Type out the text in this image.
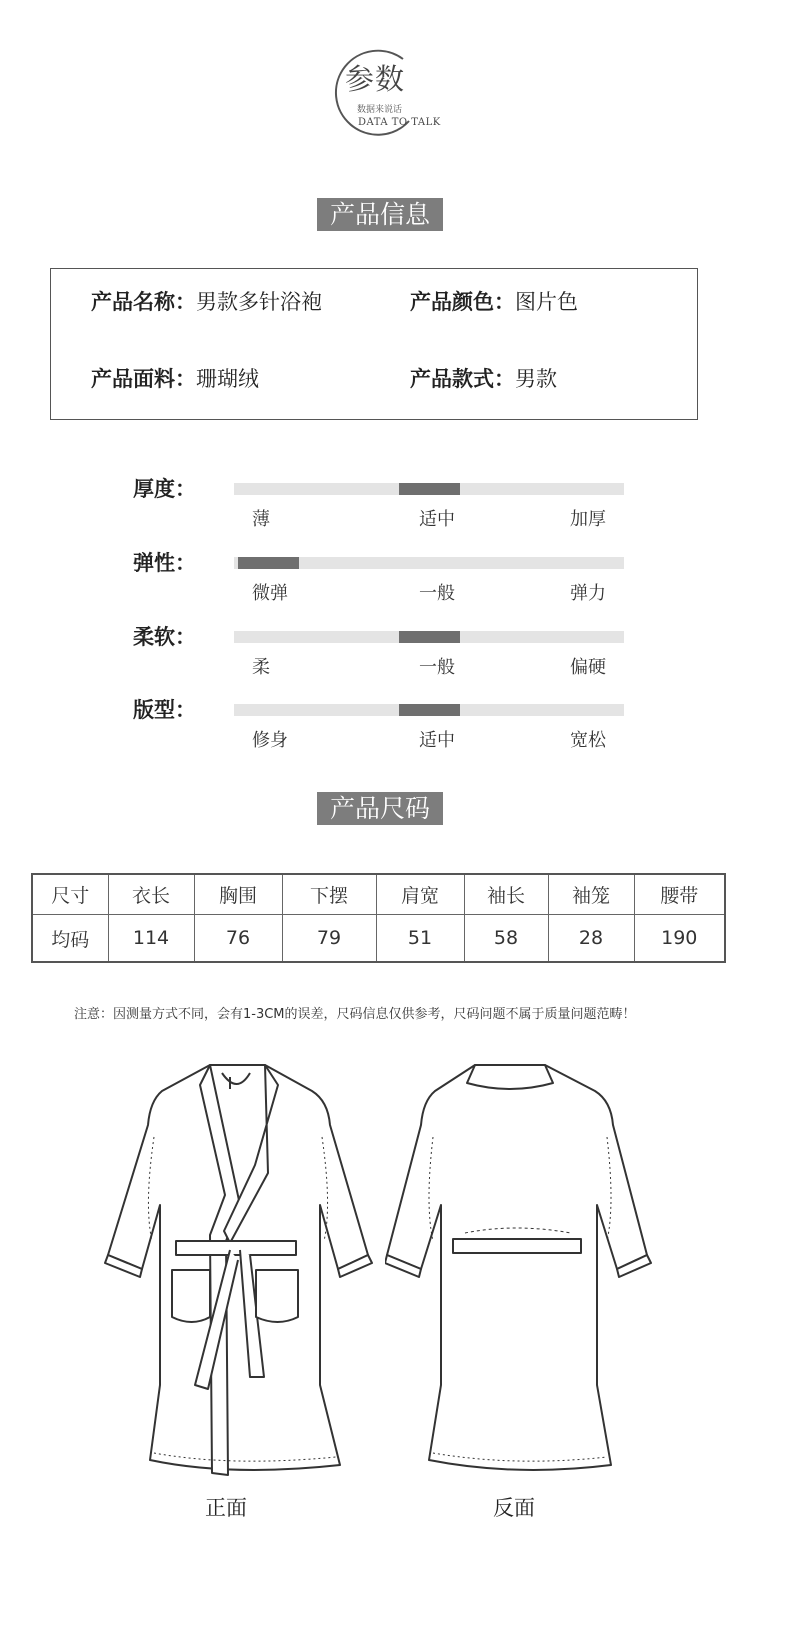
参数
数据来说话
DATA TO TALK
产品信息
产品名称：男款多针浴袍	产品颜色：图片色
产品面料：珊瑚绒	产品款式：男款
厚度：
薄	适中	加厚
弹性：
微弹	一般	弹力
柔软：
柔	一般	偏硬
版型：
修身	适中	宽松
产品尺码
尺寸	衣长	胸围	下摆	肩宽	袖长	袖笼	腰带
均码	114	76	79	51	58	28	190
注意：因测量方式不同，会有1-3CM的误差，尺码信息仅供参考，尺码问题不属于质量问题范畴！
正面	反面
